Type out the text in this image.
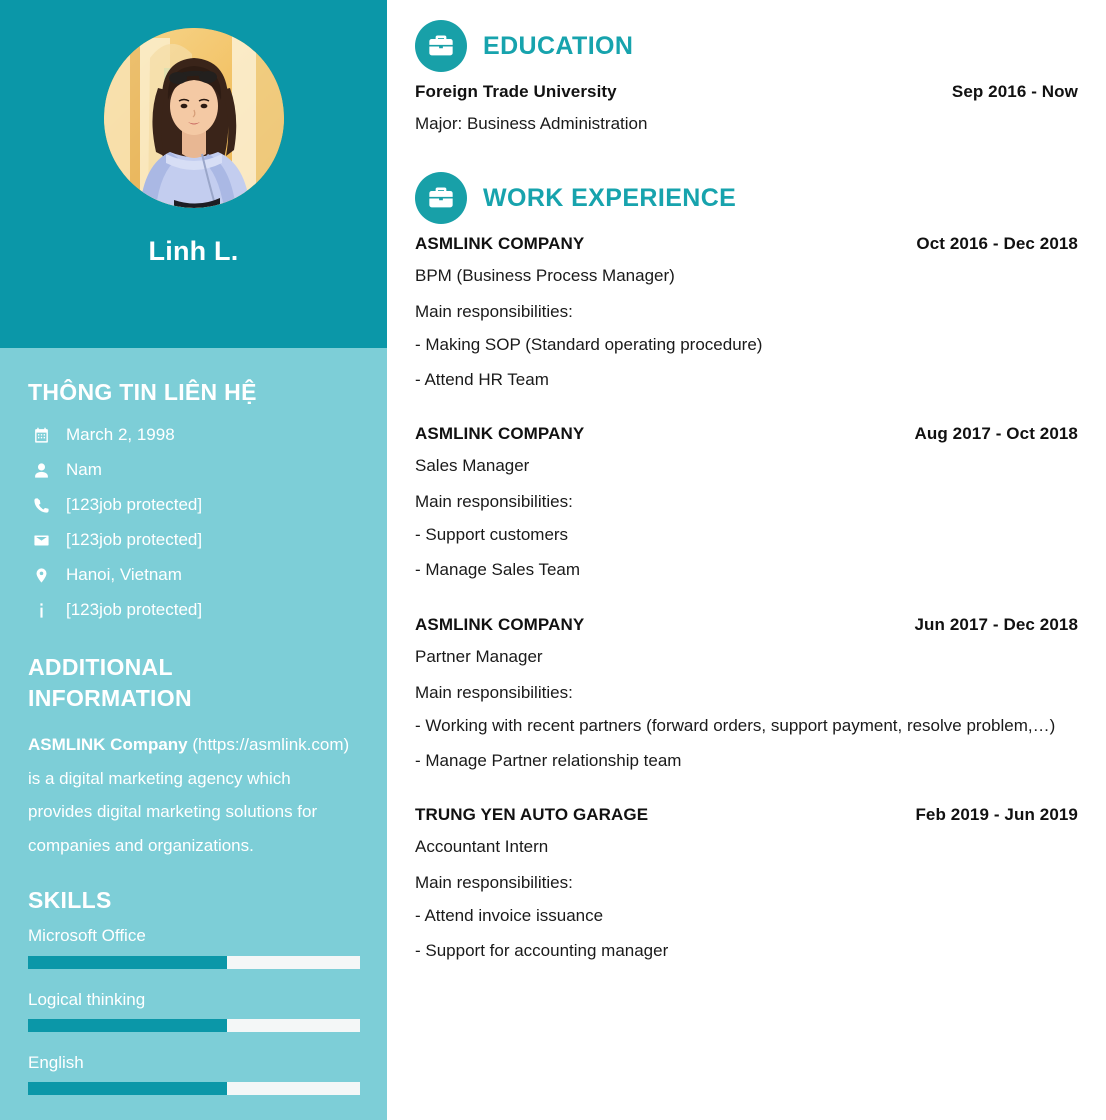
Linh L.
THÔNG TIN LIÊN HỆ
March 2, 1998
Nam
[123job protected]
[123job protected]
Hanoi, Vietnam
[123job protected]
ADDITIONAL
INFORMATION

ASMLINK Company (https://asmlink.com) is a digital marketing agency which provides digital marketing solutions for companies and organizations.

SKILLS
Microsoft Office
Logical thinking
English
EDUCATION
Foreign Trade University	Sep 2016 - Now
Major: Business Administration
WORK EXPERIENCE
ASMLINK COMPANY	Oct 2016 - Dec 2018
BPM (Business Process Manager)
Main responsibilities:
- Making SOP (Standard operating procedure)
- Attend HR Team
ASMLINK COMPANY	Aug 2017 - Oct 2018
Sales Manager
Main responsibilities:
- Support customers
- Manage Sales Team
ASMLINK COMPANY	Jun 2017 - Dec 2018
Partner Manager
Main responsibilities:
- Working with recent partners (forward orders, support payment, resolve problem,…)
- Manage Partner relationship team
TRUNG YEN AUTO GARAGE	Feb 2019 - Jun 2019
Accountant Intern
Main responsibilities:
- Attend invoice issuance
- Support for accounting manager
